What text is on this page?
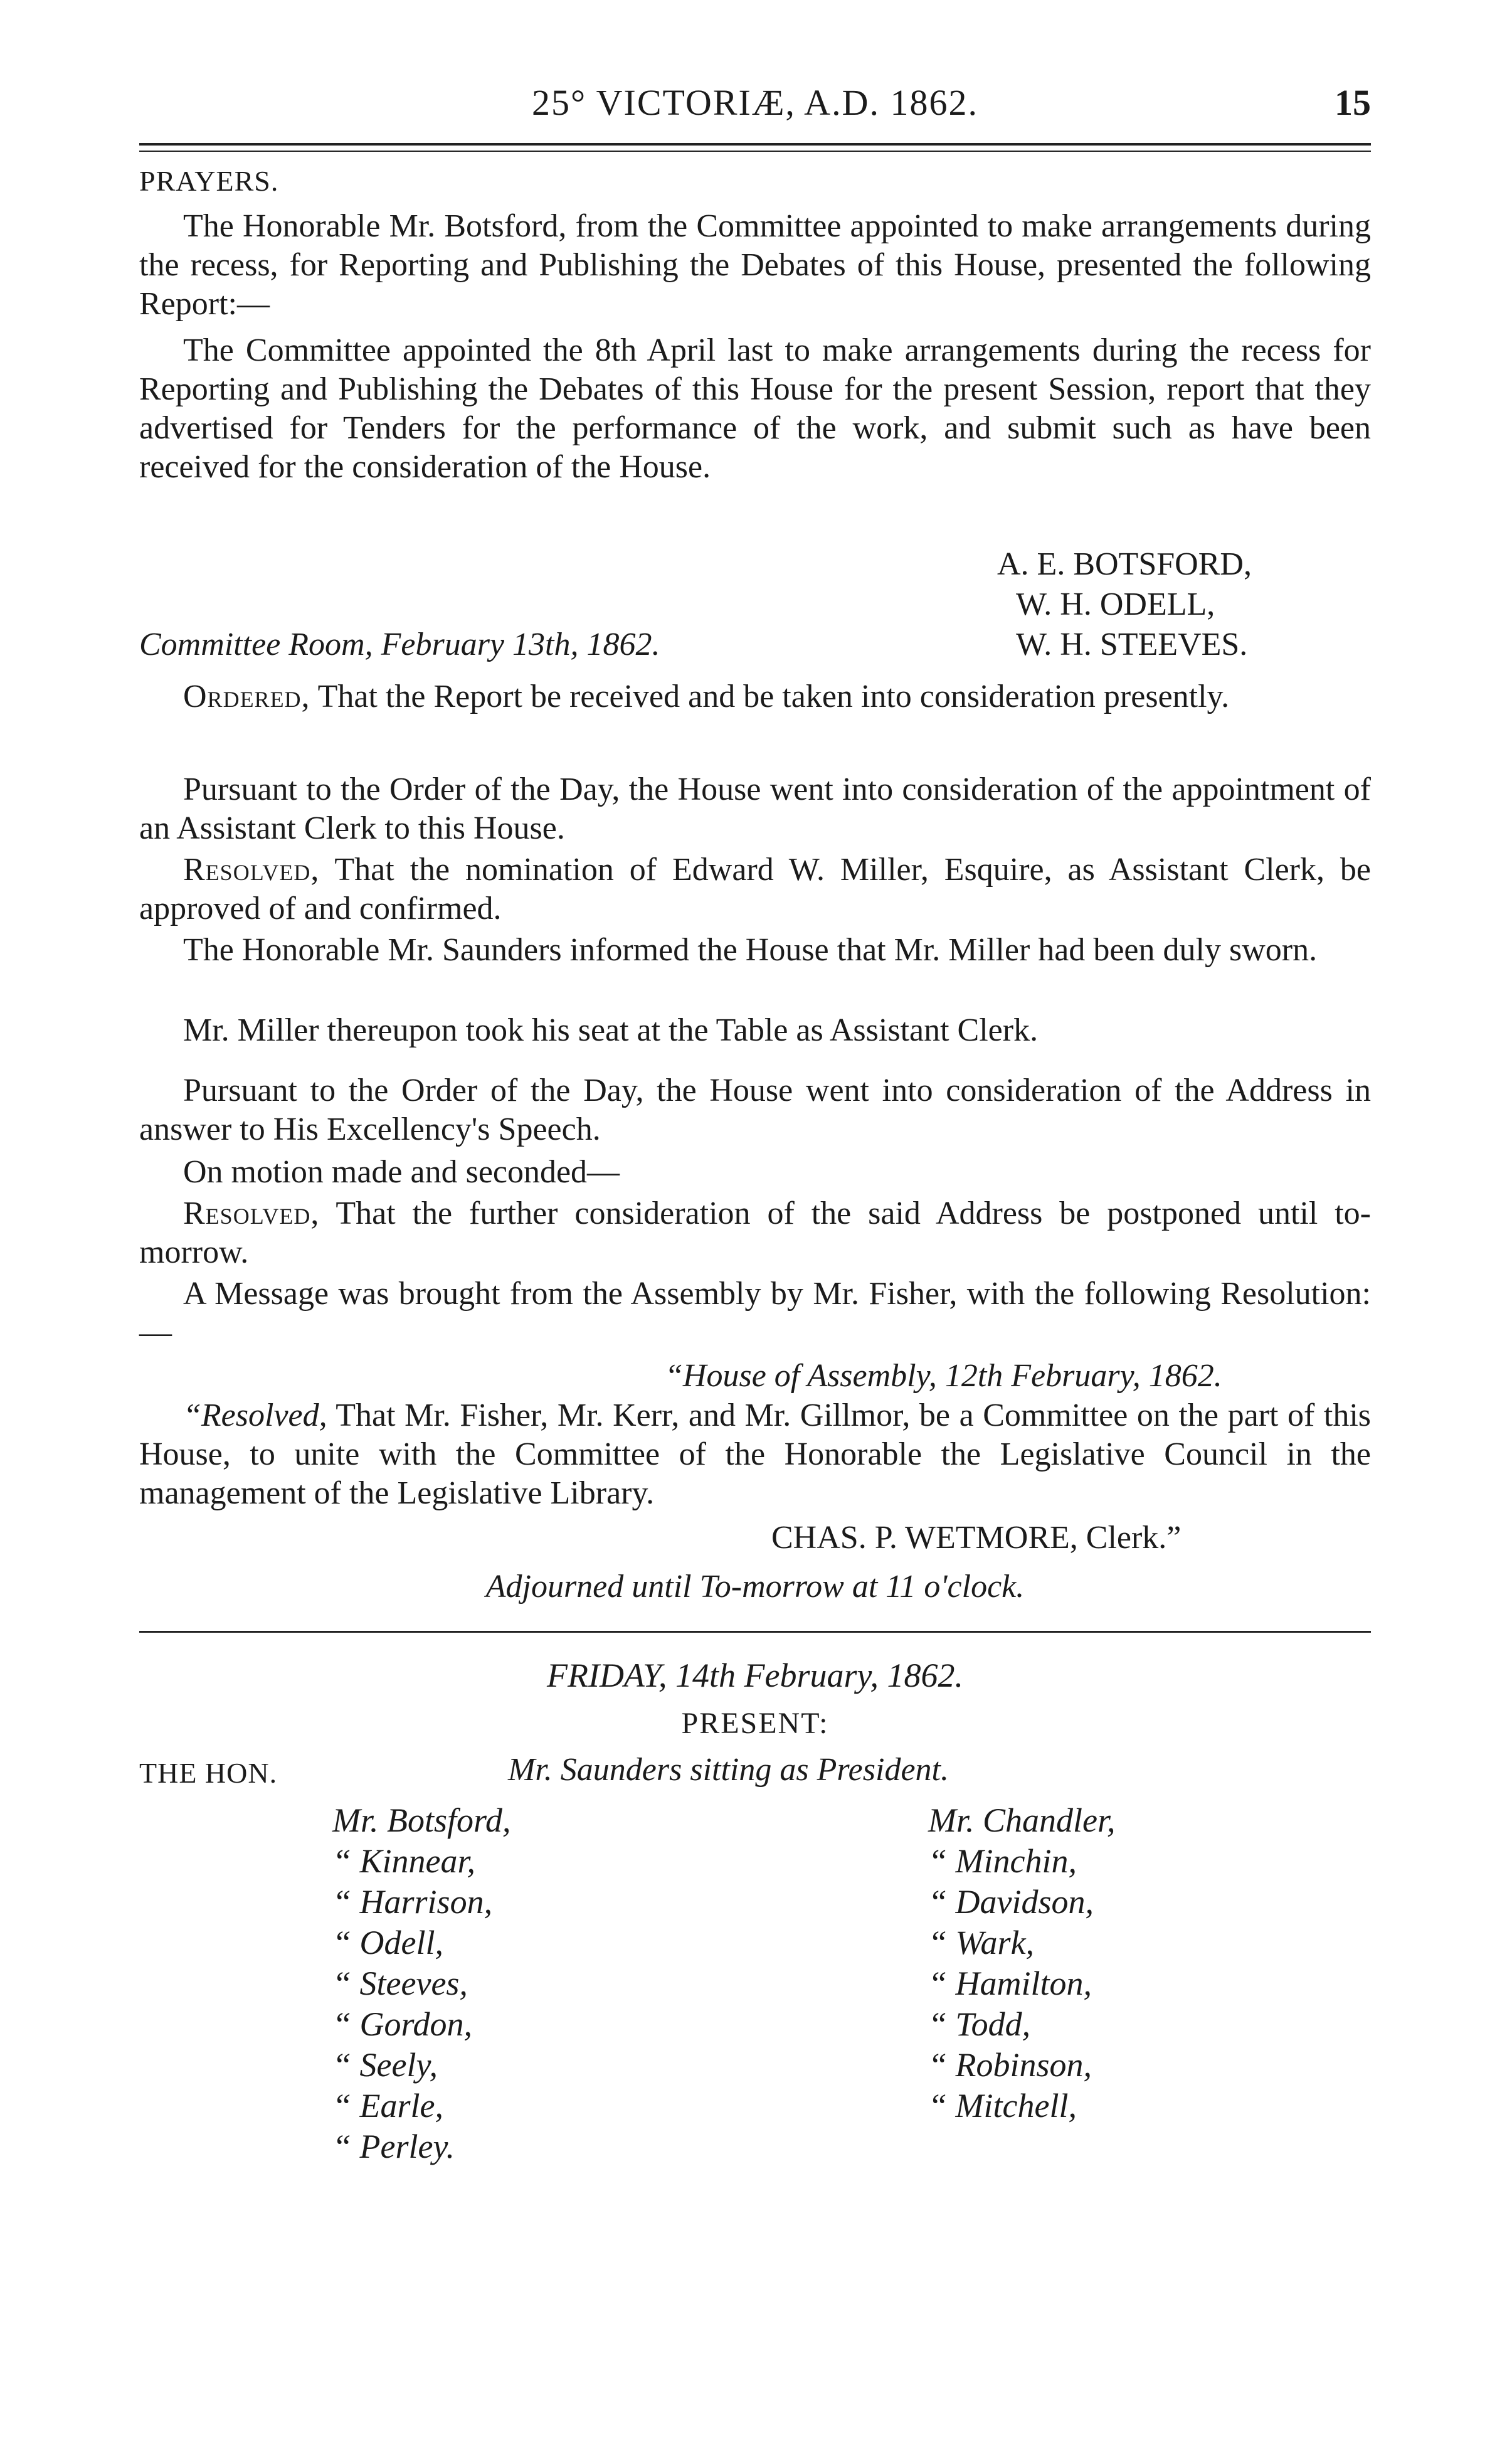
25° VICTORIÆ, A.D. 1862.	15
PRAYERS.

The Honorable Mr. Botsford, from the Committee appointed to make arrangements during the recess, for Reporting and Publishing the Debates of this House, presented the following Report:—

The Committee appointed the 8th April last to make arrangements during the recess for Reporting and Publishing the Debates of this House for the present Session, report that they advertised for Tenders for the performance of the work, and submit such as have been received for the consideration of the House.

A. E. BOTSFORD,
W. H. ODELL,
Committee Room, February 13th, 1862.	W. H. STEEVES.

Ordered, That the Report be received and be taken into consideration presently.

Pursuant to the Order of the Day, the House went into consideration of the appointment of an Assistant Clerk to this House.

Resolved, That the nomination of Edward W. Miller, Esquire, as Assistant Clerk, be approved of and confirmed.

The Honorable Mr. Saunders informed the House that Mr. Miller had been duly sworn.

Mr. Miller thereupon took his seat at the Table as Assistant Clerk.

Pursuant to the Order of the Day, the House went into consideration of the Address in answer to His Excellency's Speech.

On motion made and seconded—

Resolved, That the further consideration of the said Address be postponed until to-morrow.

A Message was brought from the Assembly by Mr. Fisher, with the following Resolution:—

“House of Assembly, 12th February, 1862.

“Resolved, That Mr. Fisher, Mr. Kerr, and Mr. Gillmor, be a Committee on the part of this House, to unite with the Committee of the Honorable the Legislative Council in the management of the Legislative Library.

CHAS. P. WETMORE, Clerk.”
Adjourned until To-morrow at 11 o'clock.
FRIDAY, 14th February, 1862.
PRESENT:
THE HON.	Mr. Saunders sitting as President.
Mr. Botsford,
“ Kinnear,
“ Harrison,
“ Odell,
“ Steeves,
“ Gordon,
“ Seely,
“ Earle,
“ Perley.
Mr. Chandler,
“ Minchin,
“ Davidson,
“ Wark,
“ Hamilton,
“ Todd,
“ Robinson,
“ Mitchell,
